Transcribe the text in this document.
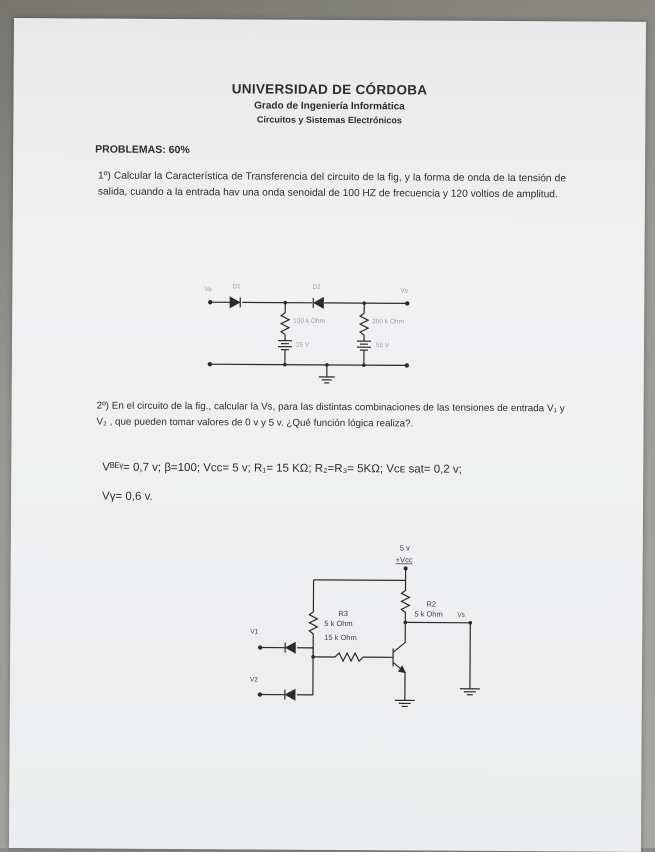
UNIVERSIDAD DE CÓRDOBA
Grado de Ingeniería Informática
Circuitos y Sistemas Electrónicos
PROBLEMAS: 60%
1º) Calcular la Característica de Transferencia del circuito de la fig, y la forma de onda de la tensión de salida, cuando a la entrada hav una onda senoidal de 100 HZ de frecuencia y 120 voltios de amplitud.
Ve	D1	D2
Vs
100 k Ohm	200 k Ohm
25 V	50 V
2º) En el circuito de la fig., calcular la Vs, para las distintas combinaciones de las tensiones de entrada V₁ y V₂ , que pueden tomar valores de 0 v y 5 v. ¿Qué función lógica realiza?.
Vᴮᴱᵞ= 0,7 v; β=100; Vcc= 5 v; R₁= 15 KΩ; R₂=R₃= 5KΩ; Vᴄᴇ sat= 0,2 v;
Vγ= 0,6 v.
5 v
+Vcc
R2
5 k Ohm Vs
R3
5 k Ohm
15 k Ohm
V1
V2
